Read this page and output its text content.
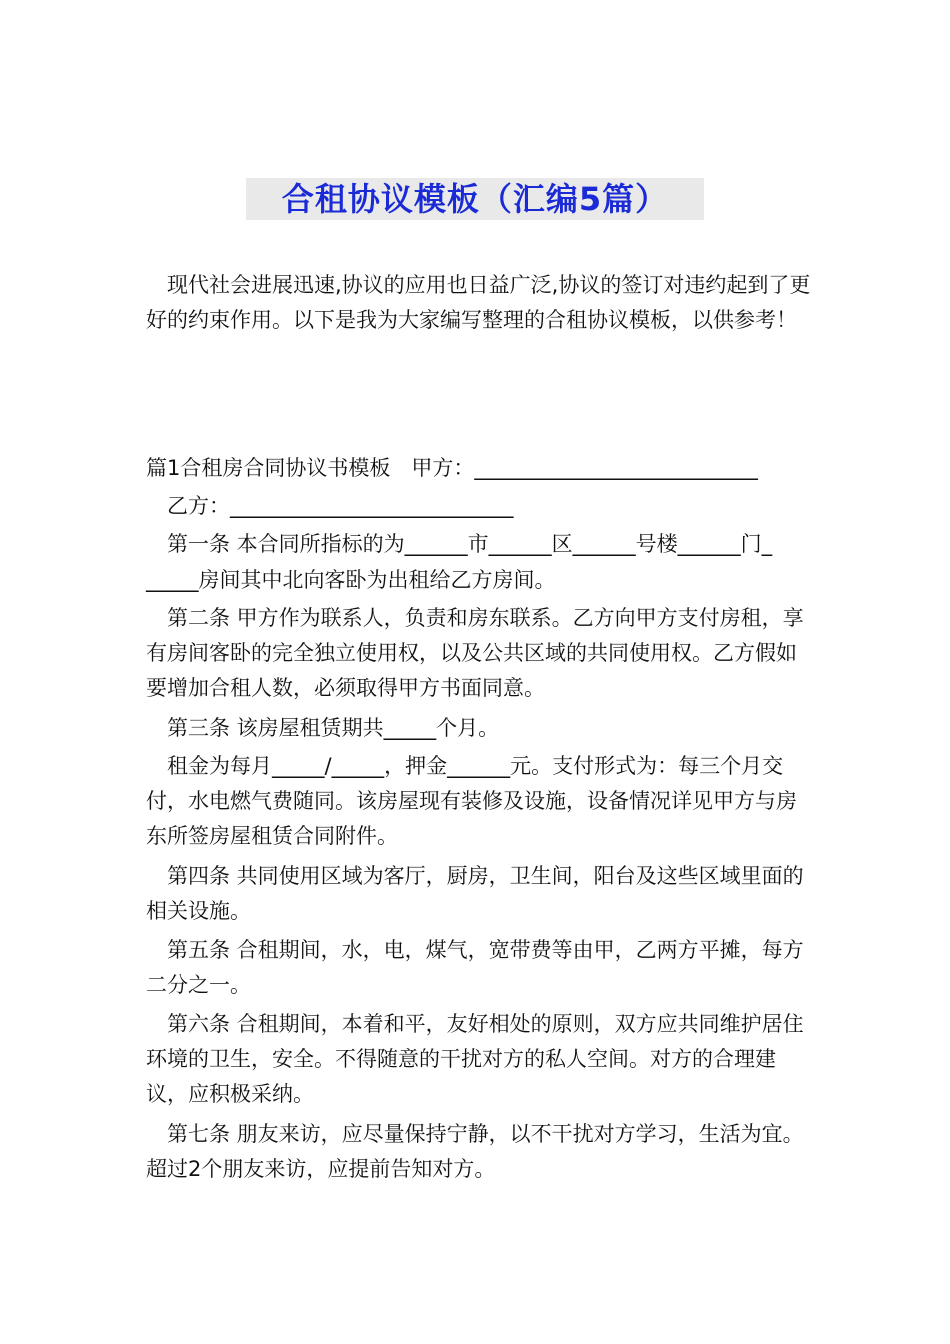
合租协议模板（汇编5篇）
现代社会进展迅速,协议的应用也日益广泛,协议的签订对违约起到了更好的约束作用。以下是我为大家编写整理的合租协议模板，以供参考！
篇1合租房合同协议书模板　甲方：___________________________
乙方：___________________________
第一条 本合同所指标的为______市______区______号楼______门_
_____房间其中北向客卧为出租给乙方房间。
第二条 甲方作为联系人，负责和房东联系。乙方向甲方支付房租，享有房间客卧的完全独立使用权，以及公共区域的共同使用权。乙方假如要增加合租人数，必须取得甲方书面同意。
第三条 该房屋租赁期共_____个月。
租金为每月_____/_____，押金______元。支付形式为：每三个月交付，水电燃气费随同。该房屋现有装修及设施，设备情况详见甲方与房东所签房屋租赁合同附件。
第四条 共同使用区域为客厅，厨房，卫生间，阳台及这些区域里面的相关设施。
第五条 合租期间，水，电，煤气，宽带费等由甲，乙两方平摊，每方二分之一。
第六条 合租期间，本着和平，友好相处的原则，双方应共同维护居住环境的卫生，安全。不得随意的干扰对方的私人空间。对方的合理建议，应积极采纳。
第七条 朋友来访，应尽量保持宁静，以不干扰对方学习，生活为宜。超过2个朋友来访，应提前告知对方。
